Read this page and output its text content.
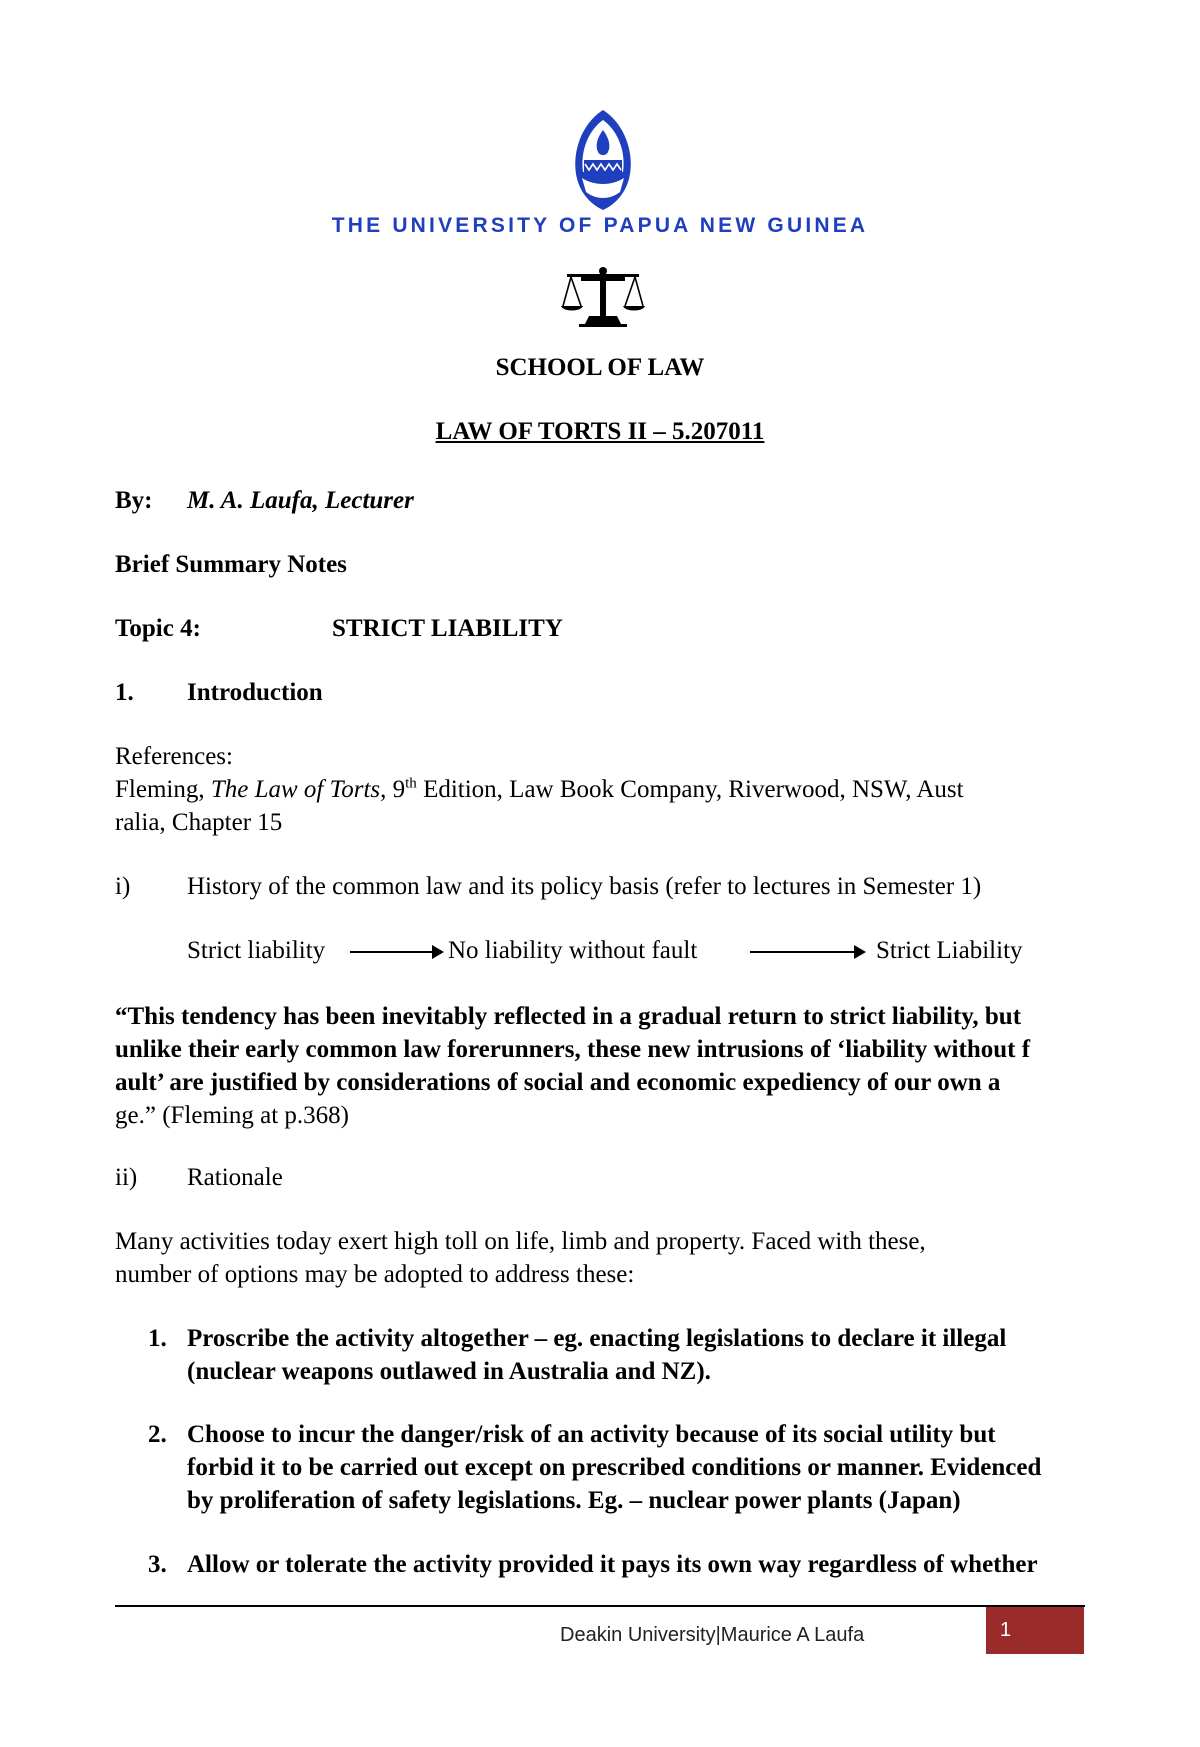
THE UNIVERSITY OF PAPUA NEW GUINEA
SCHOOL OF LAW
LAW OF TORTS II – 5.207011
By: M. A. Laufa, Lecturer
Brief Summary Notes
Topic 4:	STRICT LIABILITY
1. Introduction
References:
Fleming, The Law of Torts, 9th Edition, Law Book Company, Riverwood, NSW, Aust
ralia, Chapter 15
i) History of the common law and its policy basis (refer to lectures in Semester 1)
Strict liability	No liability without fault	Strict Liability
“This tendency has been inevitably reflected in a gradual return to strict liability, but
unlike their early common law forerunners, these new intrusions of ‘liability without f
ault’ are justified by considerations of social and economic expediency of our own a
ge.” (Fleming at p.368)
ii) Rationale
Many activities today exert high toll on life, limb and property. Faced with these,
number of options may be adopted to address these:
1. Proscribe the activity altogether – eg. enacting legislations to declare it illegal
(nuclear weapons outlawed in Australia and NZ).
2. Choose to incur the danger/risk of an activity because of its social utility but
forbid it to be carried out except on prescribed conditions or manner. Evidenced
by proliferation of safety legislations. Eg. – nuclear power plants (Japan)
3. Allow or tolerate the activity provided it pays its own way regardless of whether
Deakin University|Maurice A Laufa	1
